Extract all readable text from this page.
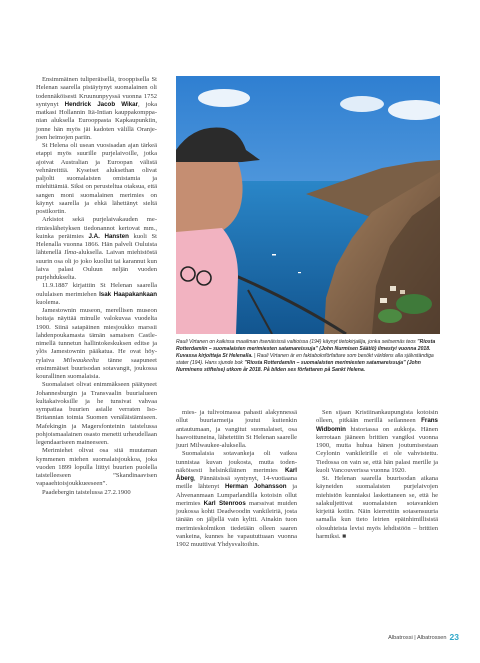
Rauli Virtanen on kaikissa maailman itsenäisissä valtioissa (194) käynyt tietokirjailija, jonka seitsemäs teos ”Riosta Rotterdamiin – suomalaisten merimiesten satamareissuja” (John Nurmisen Säätiö) ilmestyi vuonna 2018. Kuvassa kirjoittaja St Helenalla. | Rauli Virtanen är en faktaboksförfattare som besökt världens alla självständiga stater (194). Hans sjunde bok ”Riosta Rotterdamiin – suomalaisten merimiesten satamareissuja” (John Nurminens stiftelse) utkom år 2018. På bilden ses författaren på Sankt Helena.

Ensimmäinen tuliperäisellä, trooppisella St Helenan saarella pistäytynyt suomalainen oli todennäköisesti Kruununpyyssä vuonna 1752 syntynyt Hendrick Jacob Wikar, joka matkasi Hollannin Itä-Intian kauppakomppanian aluksella Eurooppasta Kapkaupunkiin, jonne hän myös jäi kadoten välillä Oranje-joen heimojen pariin.

St Helena oli usean vuosisadan ajan tärkeä etappi myös suurille purjelaivoille, jotka ajoivat Australian ja Euroopan välistä vehnäreittiä. Kyseiset aluksethan olivat paljolti suomalaisten omistamia ja miehittämiä. Siksi on perusteltua otaksua, että sangen moni suomalainen merimies on käynyt saarella ja ehkä lähettänyt sieltä postikortin.

Arkistot sekä purjelaivakauden merimieslähetyksen tiedonannot kertovat mm., kuinka peräimies J.A. Hansten kuoli St Helenalla vuonna 1866. Hän palveli Ouluista lähtenellä Ilma-aluksella. Laivan miehistöstä suurin osa oli jo joko kuollut tai karannut kun laiva palasi Ouluun neljän vuoden purjehdukselta.

11.9.1887 kirjattiin St Helenan saarella oululaisen merimiehen Isak Haapakankaan kuolema.

Jamestownin museon, merellisen museon hoitaja näyttää minulle valokuvaa vuodelta 1900. Siinä satapäinen miesjoukko marssii lahdenpoukamasta tämän samaisen Castle-nimellä tunnetun hallintokeskuksen editse ja ylös Jamestownin pääkatua. He ovat höyrylaiva Milwaukeelta tänne saapuneet ensimmäiset buurisodan sotavangit, joukossa kourallinen suomalaisia.

Suomalaiset olivat enimmäkseen päätyneet Johannesburgin ja Transvaalin buurialueen kultakaivoksille ja he tunsivat vahvaa sympatiaa buurien asialle verraten Iso-Britannian toimia Suomen venäläistämiseen. Mafekingin ja Magersfonteinin taistelussa pohjoismaalainen osasto menetti urheudellaan legendaariseen maineeseen.

Merimiehet olivat osa sitä muutaman kymmenen miehen suomalaisjoukkoa, joka vuoden 1899 lopulla liittyi buurien puolella taistelleeseen ”Skandinaavisen vapaaehtoisjoukkueeseen”.

Paadebergin taistelussa 27.2.1900

mies- ja tulivoimassa pahasti alakynnessä ollut buuriarmeija joutui kuitenkin antautumaan, ja vangitut suomalaiset, osa haavoittuneina, lähetettiin St Helenan saarelle juuri Milwaukee-aluksella.

Suomalaisia sotavankeja oli vaikea tunnistaa kuvan joukosta, mutta todennäköisesti helsinkiläinen merimies Karl Åberg, Pännäisissä syntynyt, 14-vuotiaana meille lähtenyt Herman Johansson ja Ahvenanmaan Lumparlandilla kotoisin ollut merimies Karl Stenroos marssivat muiden joukossa kohti Deadwoodin vankileiriä, josta tänään on jäljellä vain kyltti. Ainakin tuon merimieskolmikon tiedetään olleen saaren vankeina, kunnes he vapaututtuaan vuonna 1902 muuttivat Yhdysvaltoihin.

Sen sijaan Kristiinankaupungista kotoisin olleen, pitkään merillä seilanneen Frans Widbomin historiassa on aukkoja. Hänen kerrotaan jääneen brittien vangiksi vuonna 1900, mutta huhua hänen joutumisestaan Ceylonin vankileirille ei ole vahvistettu. Tiedossa on vain se, että hän palasi merille ja kuoli Vancouverissa vuonna 1920.

St. Helenan saarella buurisodan aikana käyneiden suomalaisten purjelaivojen miehistön kunniaksi laskettaneen se, että he salakuljettivat suomalaisten sotavankien kirjeitä kotiin. Näin kierrettiin sotasensuuria samalla kun tieto leirien epäinhimillisistä olosuhteista levisi myös lehdistöön – brittien harmiksi. ■

Albatrossi | Albatrossen 23
